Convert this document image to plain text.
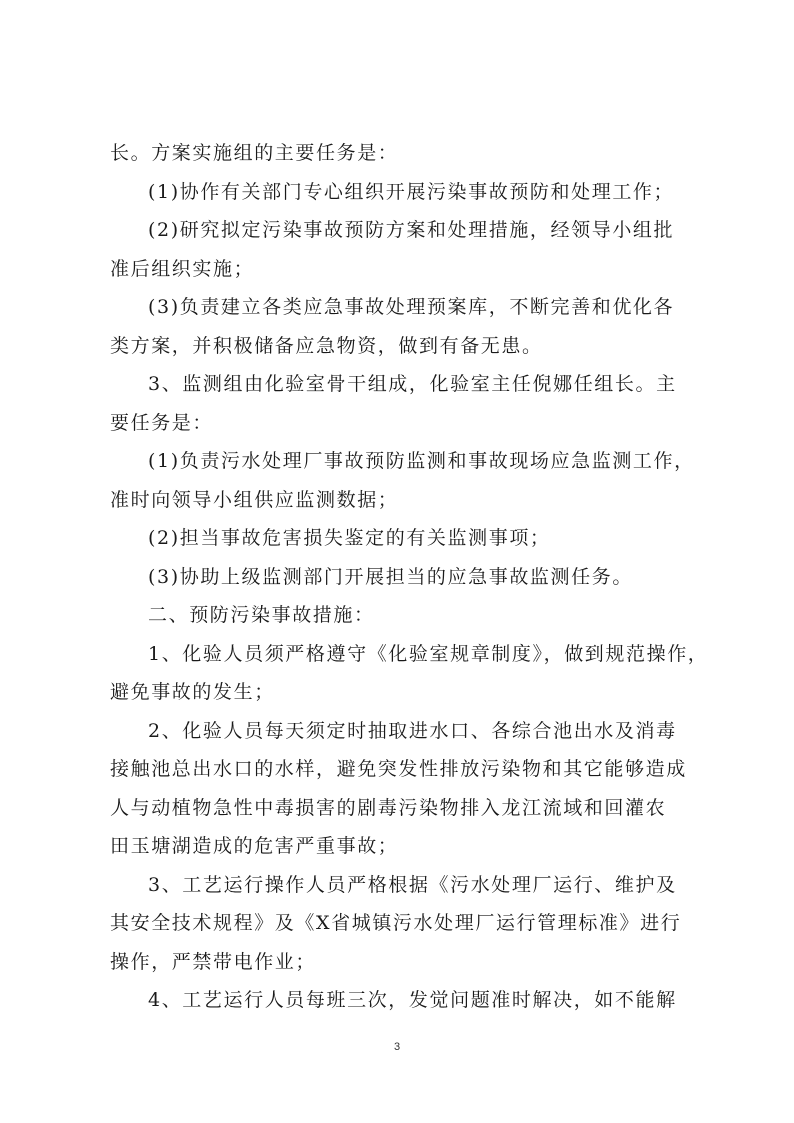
长。方案实施组的主要任务是：
(1)协作有关部门专心组织开展污染事故预防和处理工作；
(2)研究拟定污染事故预防方案和处理措施，经领导小组批
准后组织实施；
(3)负责建立各类应急事故处理预案库，不断完善和优化各
类方案，并积极储备应急物资，做到有备无患。
3、监测组由化验室骨干组成，化验室主任倪娜任组长。主
要任务是：
(1)负责污水处理厂事故预防监测和事故现场应急监测工作，
准时向领导小组供应监测数据；
(2)担当事故危害损失鉴定的有关监测事项；
(3)协助上级监测部门开展担当的应急事故监测任务。
二、预防污染事故措施：
1、化验人员须严格遵守《化验室规章制度》，做到规范操作，
避免事故的发生；
2、化验人员每天须定时抽取进水口、各综合池出水及消毒
接触池总出水口的水样，避免突发性排放污染物和其它能够造成
人与动植物急性中毒损害的剧毒污染物排入龙江流域和回灌农
田玉塘湖造成的危害严重事故；
3、工艺运行操作人员严格根据《污水处理厂运行、维护及
其安全技术规程》及《X省城镇污水处理厂运行管理标准》进行
操作，严禁带电作业；
4、工艺运行人员每班三次，发觉问题准时解决，如不能解
3
